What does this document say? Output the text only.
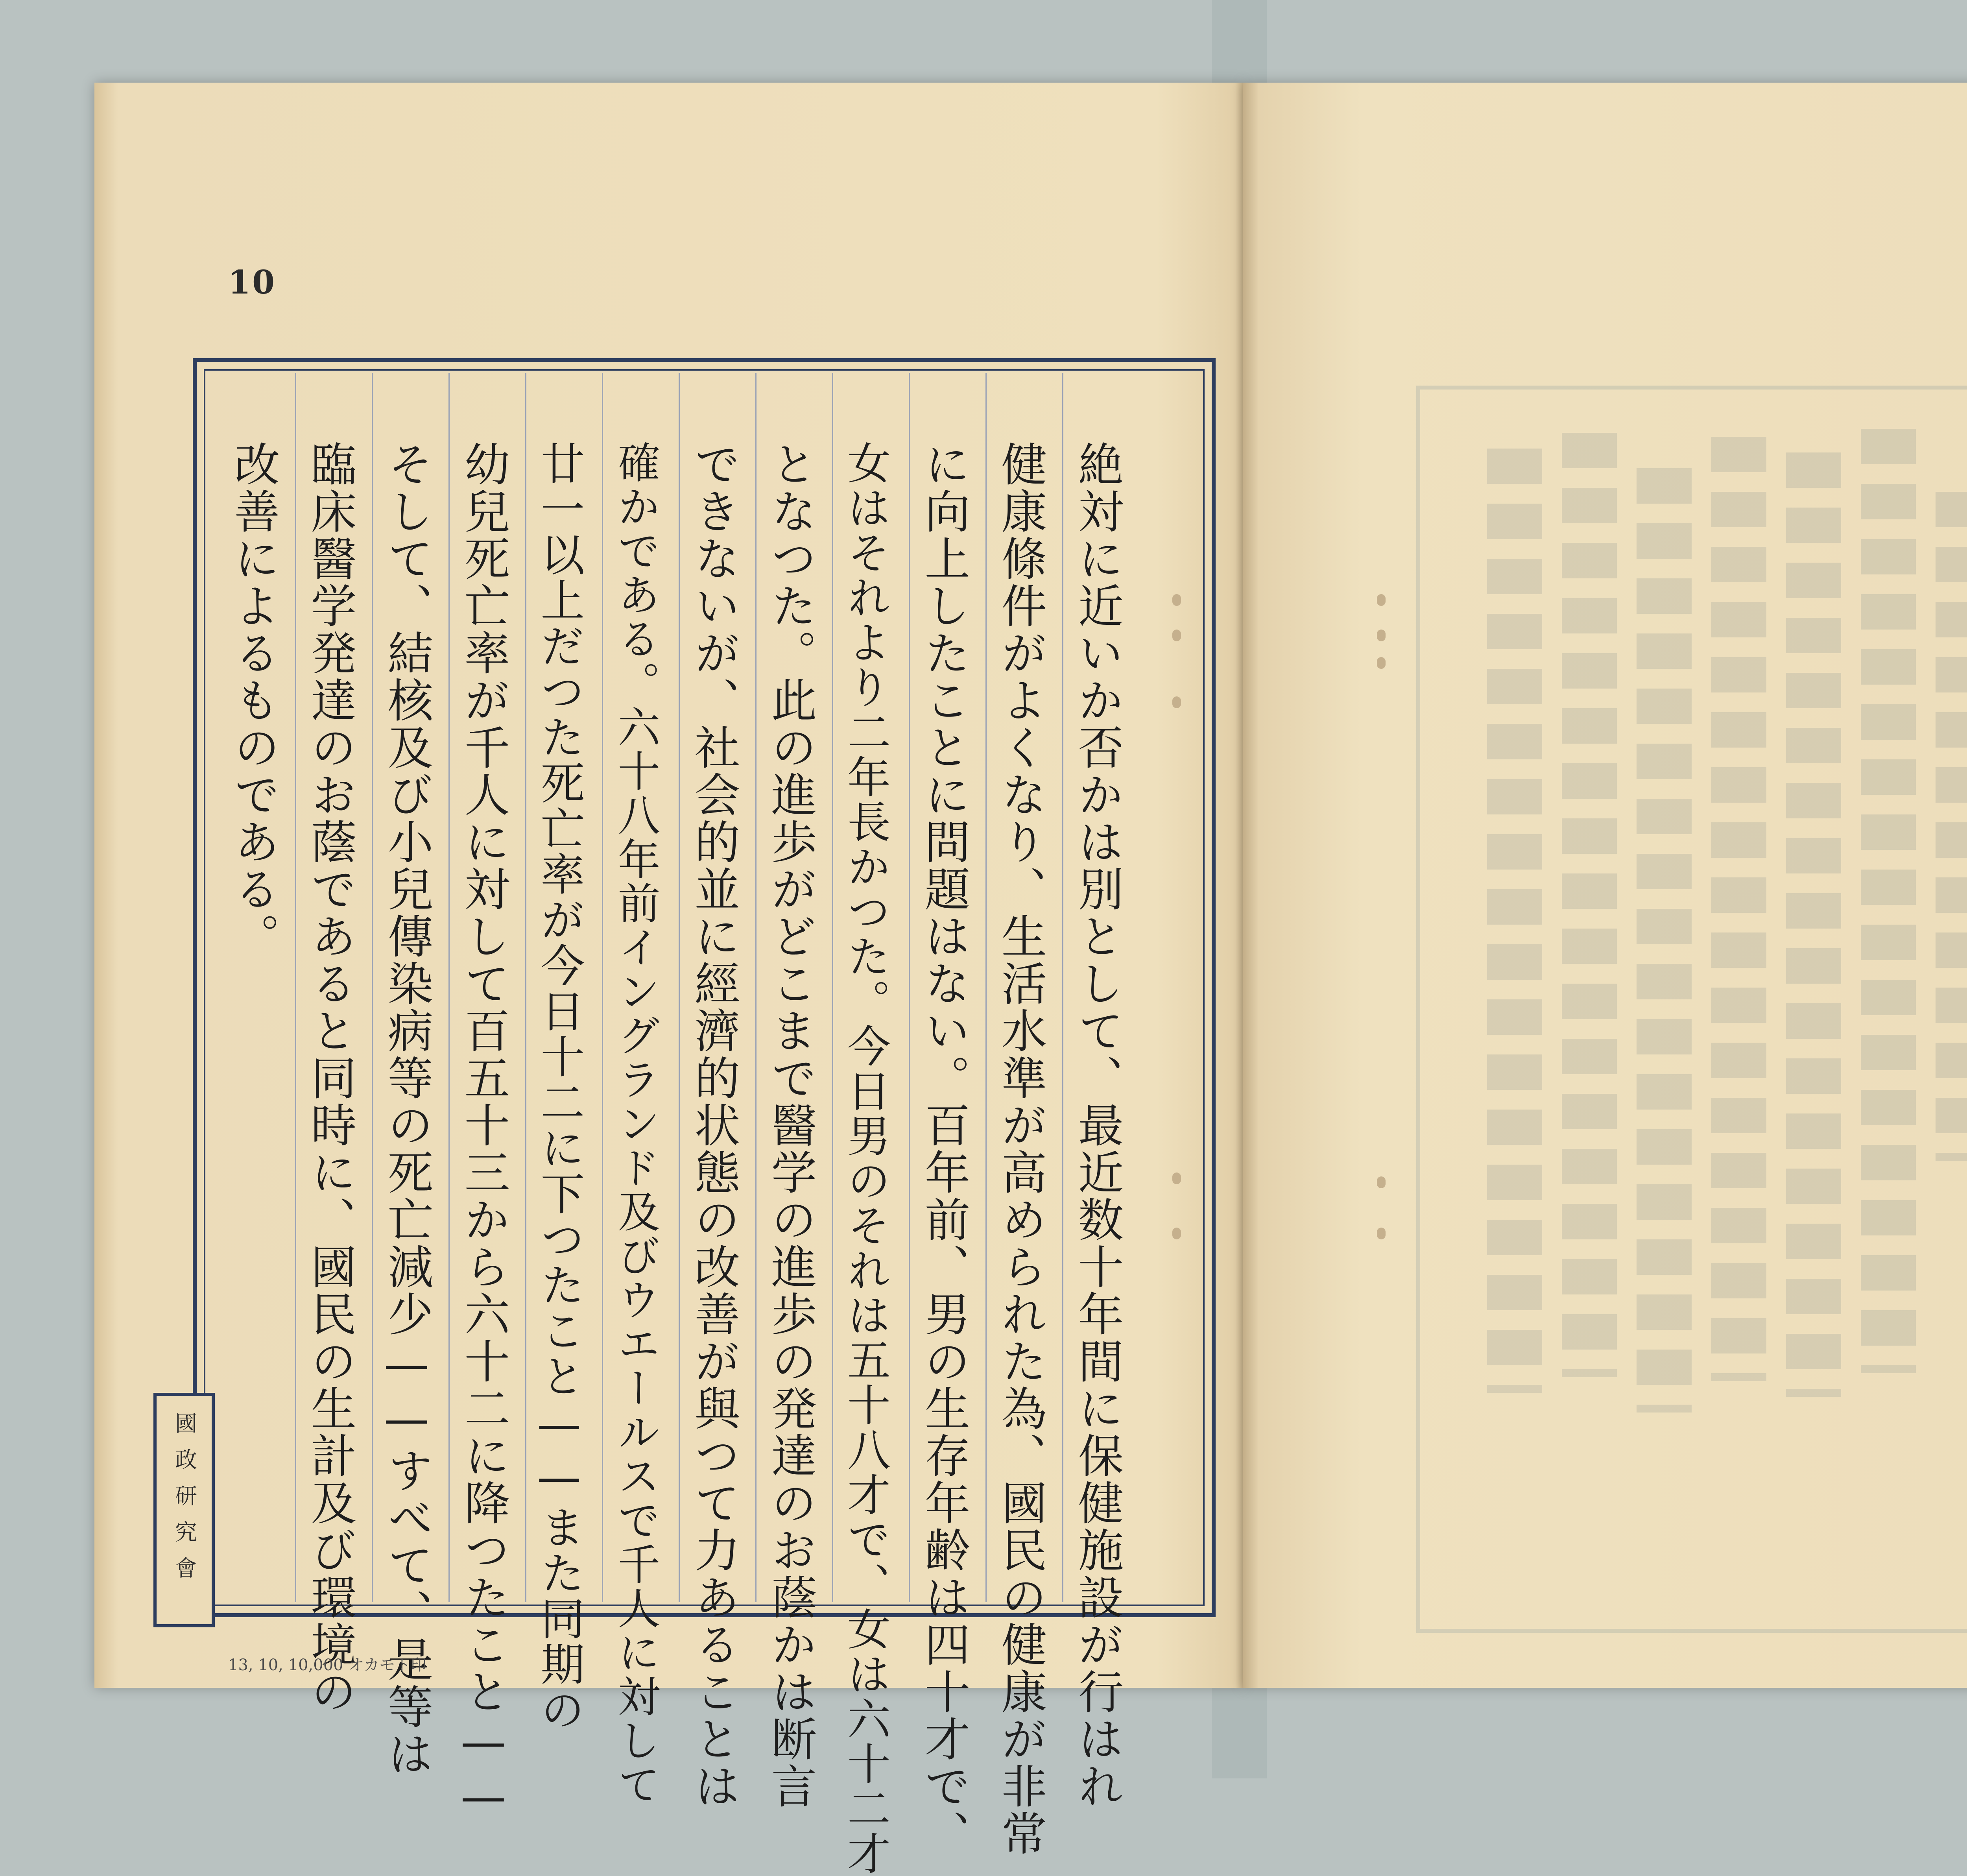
10
絶対に近いか否かは別として、最近数十年間に保健施設が行はれ
健康條件がよくなり、生活水準が高められた為、國民の健康が非常
に向上したことに問題はない。百年前、男の生存年齢は四十才で、
女はそれより二年長かつた。今日男のそれは五十八才で、女は六十二才
となつた。此の進歩がどこまで醫学の進歩の発達のお蔭かは断言
できないが、社会的並に經濟的状態の改善が與つて力あることは
確かである。六十八年前イングランド及びウエールスで千人に対して
廿一以上だつた死亡率が今日十二に下つたこと——また同期の
幼兒死亡率が千人に対して百五十三から六十二に降つたこと——
そして、結核及び小兒傳染病等の死亡減少——すべて、是等は
臨床醫学発達のお蔭であると同時に、國民の生計及び環境の
改善によるものである。
國政研究會
13, 10, 10,000 オカモト印
